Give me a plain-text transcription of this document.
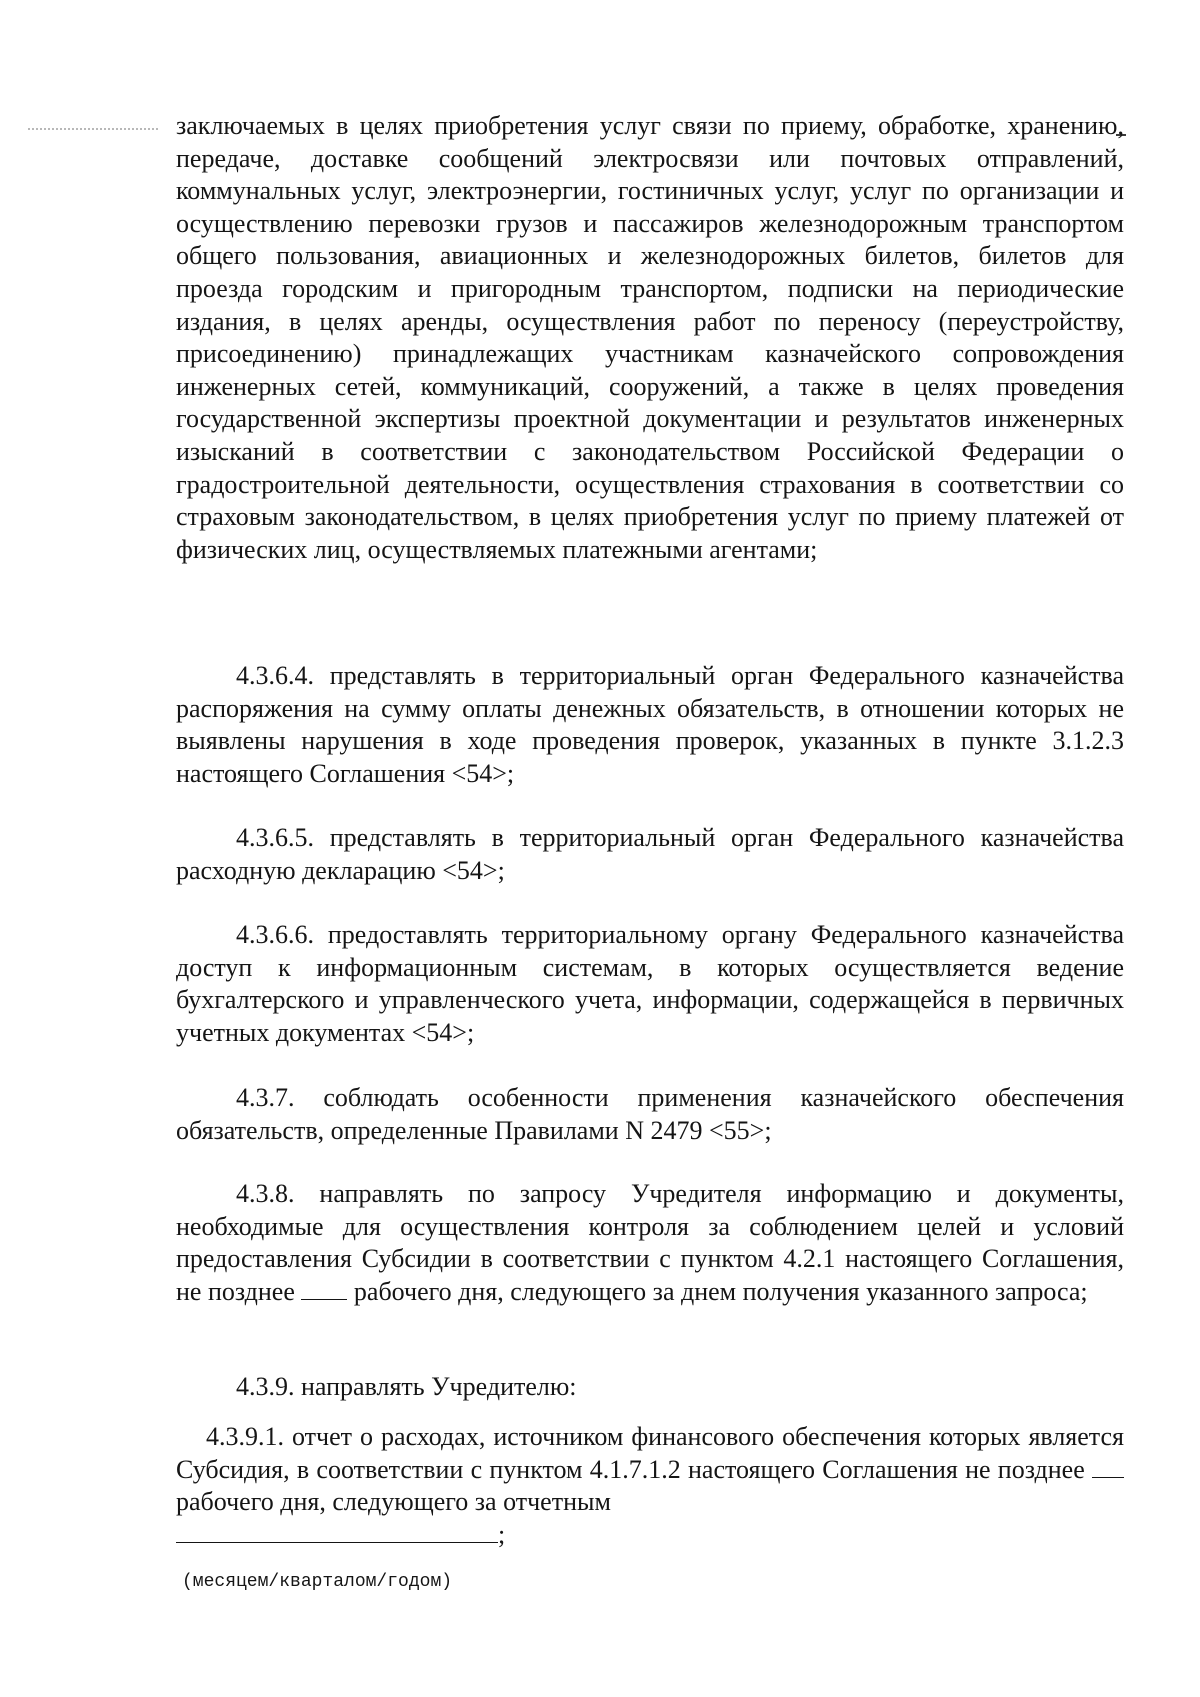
заключаемых в целях приобретения услуг связи по приему, обработке, хранению, передаче, доставке сообщений электросвязи или почтовых отправлений, коммунальных услуг, электроэнергии, гостиничных услуг, услуг по организации и осуществлению перевозки грузов и пассажиров железнодорожным транспортом общего пользования, авиационных и железнодорожных билетов, билетов для проезда городским и пригородным транспортом, подписки на периодические издания, в целях аренды, осуществления работ по переносу (переустройству, присоединению) принадлежащих участникам казначейского сопровождения инженерных сетей, коммуникаций, сооружений, а также в целях проведения государственной экспертизы проектной документации и результатов инженерных изысканий в соответствии с законодательством Российской Федерации о градостроительной деятельности, осуществления страхования в соответствии со страховым законодательством, в целях приобретения услуг по приему платежей от физических лиц, осуществляемых платежными агентами;

4.3.6.4. представлять в территориальный орган Федерального казначейства распоряжения на сумму оплаты денежных обязательств, в отношении которых не выявлены нарушения в ходе проведения проверок, указанных в пункте 3.1.2.3 настоящего Соглашения <54>;

4.3.6.5. представлять в территориальный орган Федерального казначейства расходную декларацию <54>;

4.3.6.6. предоставлять территориальному органу Федерального казначейства доступ к информационным системам, в которых осуществляется ведение бухгалтерского и управленческого учета, информации, содержащейся в первичных учетных документах <54>;

4.3.7. соблюдать особенности применения казначейского обеспечения обязательств, определенные Правилами N 2479 <55>;

4.3.8. направлять по запросу Учредителя информацию и документы, необходимые для осуществления контроля за соблюдением целей и условий предоставления Субсидии в соответствии с пунктом 4.2.1 настоящего Соглашения, не позднее рабочего дня, следующего за днем получения указанного запроса;

4.3.9. направлять Учредителю:

4.3.9.1. отчет о расходах, источником финансового обеспечения которых является Субсидия, в соответствии с пунктом 4.1.7.1.2 настоящего Соглашения не позднее  рабочего дня, следующего за отчетным

;
(месяцем/кварталом/годом)
